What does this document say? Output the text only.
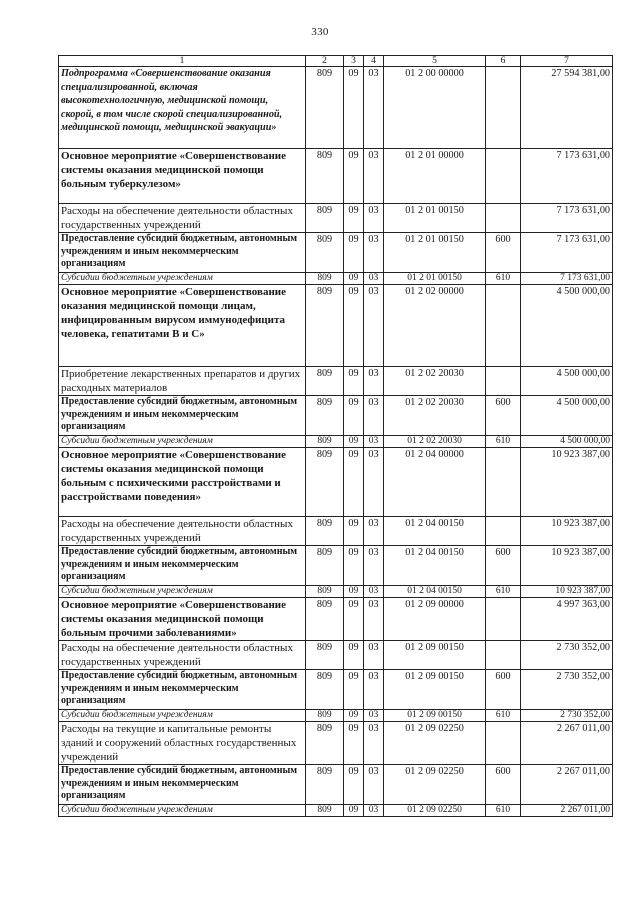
330
1	2	3	4	5	6	7
Подпрограмма «Совершенствование оказания специализированной, включая высокотехнологичную, медицинской помощи, скорой, в том числе скорой специализированной, медицинской помощи, медицинской эвакуации»	809	09	03	01 2 00 00000		27 594 381,00
Основное мероприятие «Совершенствование системы оказания медицинской помощи больным туберкулезом»	809	09	03	01 2 01 00000		7 173 631,00
Расходы на обеспечение деятельности областных государственных учреждений	809	09	03	01 2 01 00150		7 173 631,00
Предоставление субсидий бюджетным, автономным учреждениям и иным некоммерческим организациям	809	09	03	01 2 01 00150	600	7 173 631,00
Субсидии бюджетным учреждениям	809	09	03	01 2 01 00150	610	7 173 631,00
Основное мероприятие «Совершенствование оказания медицинской помощи лицам, инфицированным вирусом иммунодефицита человека, гепатитами В и С»	809	09	03	01 2 02 00000		4 500 000,00
Приобретение лекарственных препаратов и других расходных материалов	809	09	03	01 2 02 20030		4 500 000,00
Предоставление субсидий бюджетным, автономным учреждениям и иным некоммерческим организациям	809	09	03	01 2 02 20030	600	4 500 000,00
Субсидии бюджетным учреждениям	809	09	03	01 2 02 20030	610	4 500 000,00
Основное мероприятие «Совершенствование системы оказания медицинской помощи больным с психическими расстройствами и расстройствами поведения»	809	09	03	01 2 04 00000		10 923 387,00
Расходы на обеспечение деятельности областных государственных учреждений	809	09	03	01 2 04 00150		10 923 387,00
Предоставление субсидий бюджетным, автономным учреждениям и иным некоммерческим организациям	809	09	03	01 2 04 00150	600	10 923 387,00
Субсидии бюджетным учреждениям	809	09	03	01 2 04 00150	610	10 923 387,00
Основное мероприятие «Совершенствование системы оказания медицинской помощи больным прочими заболеваниями»	809	09	03	01 2 09 00000		4 997 363,00
Расходы на обеспечение деятельности областных государственных учреждений	809	09	03	01 2 09 00150		2 730 352,00
Предоставление субсидий бюджетным, автономным учреждениям и иным некоммерческим организациям	809	09	03	01 2 09 00150	600	2 730 352,00
Субсидии бюджетным учреждениям	809	09	03	01 2 09 00150	610	2 730 352,00
Расходы на текущие и капитальные ремонты зданий и сооружений областных государственных учреждений	809	09	03	01 2 09 02250		2 267 011,00
Предоставление субсидий бюджетным, автономным учреждениям и иным некоммерческим организациям	809	09	03	01 2 09 02250	600	2 267 011,00
Субсидии бюджетным учреждениям	809	09	03	01 2 09 02250	610	2 267 011,00
